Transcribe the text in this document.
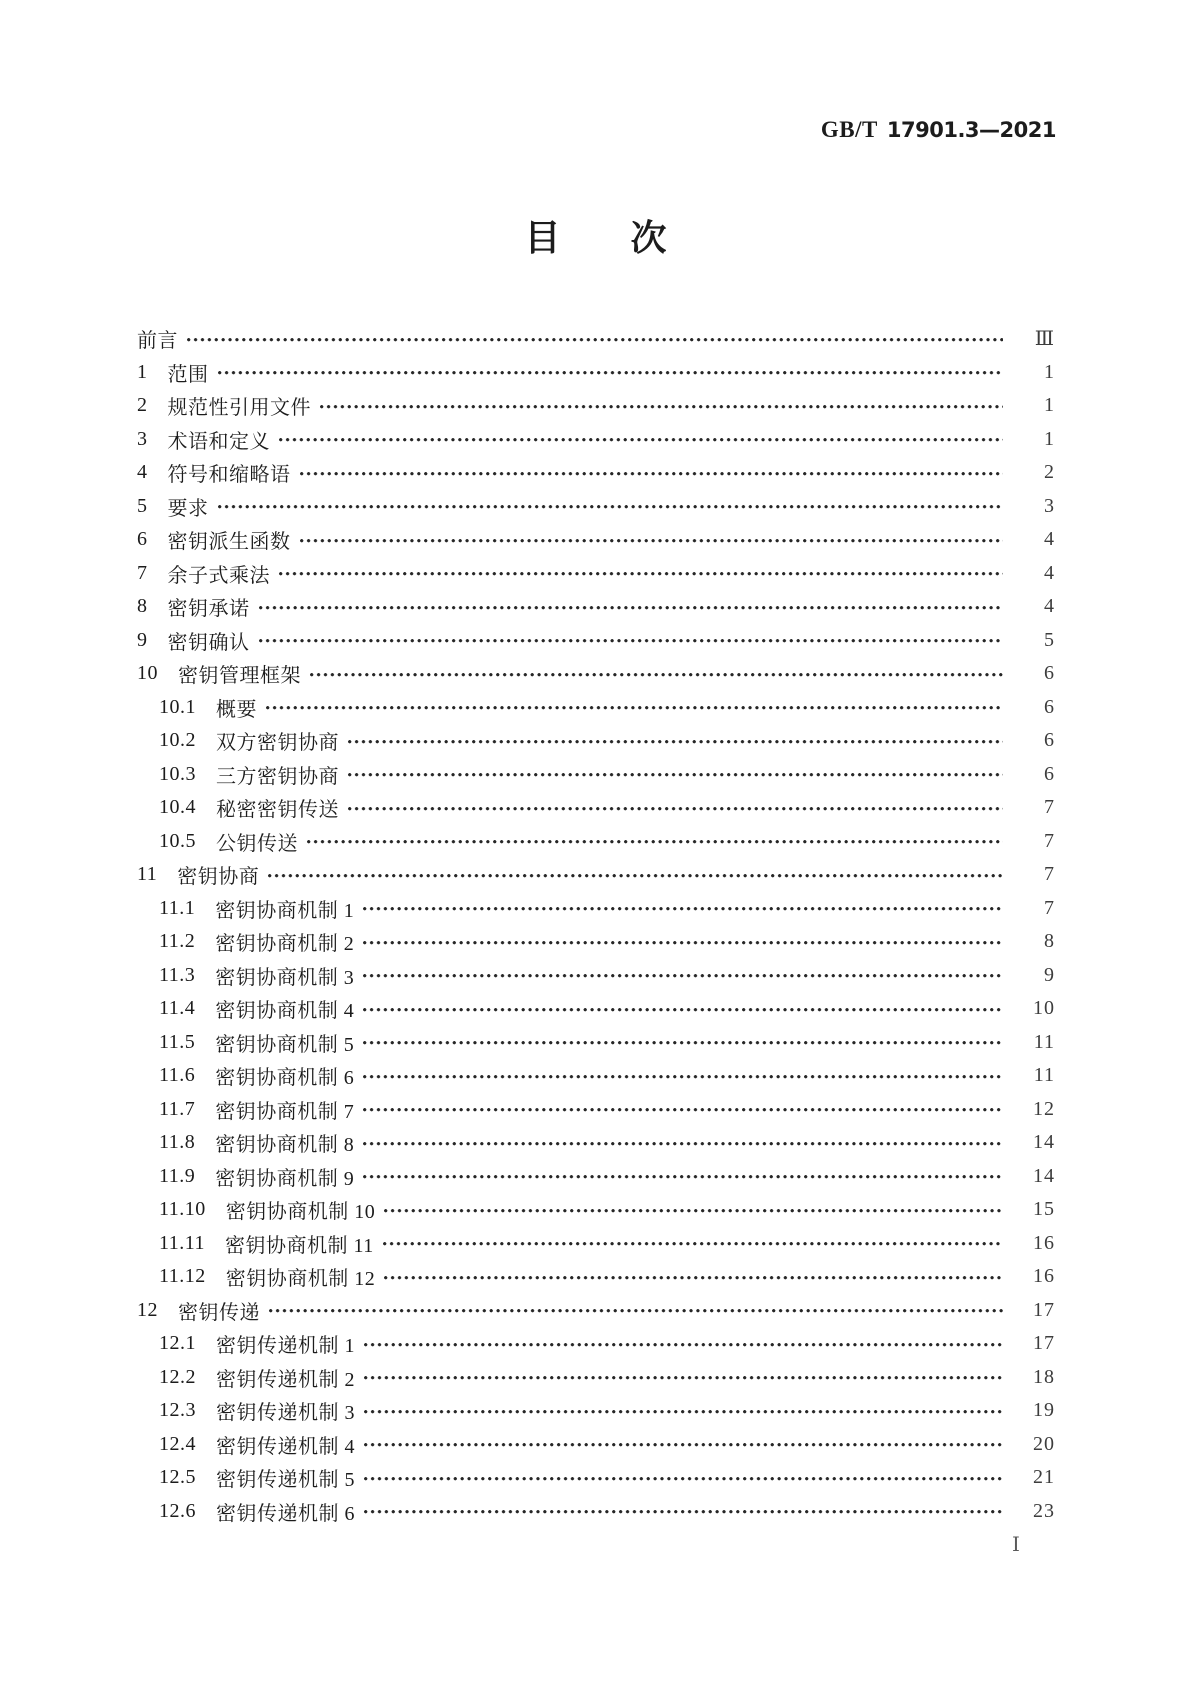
GB/T 17901.3—2021
目 次
前言	Ⅲ
1 范围	1
2 规范性引用文件	1
3 术语和定义	1
4 符号和缩略语	2
5 要求	3
6 密钥派生函数	4
7 余子式乘法	4
8 密钥承诺	4
9 密钥确认	5
10 密钥管理框架	6
10.1 概要	6
10.2 双方密钥协商	6
10.3 三方密钥协商	6
10.4 秘密密钥传送	7
10.5 公钥传送	7
11 密钥协商	7
11.1 密钥协商机制 1	7
11.2 密钥协商机制 2	8
11.3 密钥协商机制 3	9
11.4 密钥协商机制 4	10
11.5 密钥协商机制 5	11
11.6 密钥协商机制 6	11
11.7 密钥协商机制 7	12
11.8 密钥协商机制 8	14
11.9 密钥协商机制 9	14
11.10 密钥协商机制 10	15
11.11 密钥协商机制 11	16
11.12 密钥协商机制 12	16
12 密钥传递	17
12.1 密钥传递机制 1	17
12.2 密钥传递机制 2	18
12.3 密钥传递机制 3	19
12.4 密钥传递机制 4	20
12.5 密钥传递机制 5	21
12.6 密钥传递机制 6	23
Ⅰ
